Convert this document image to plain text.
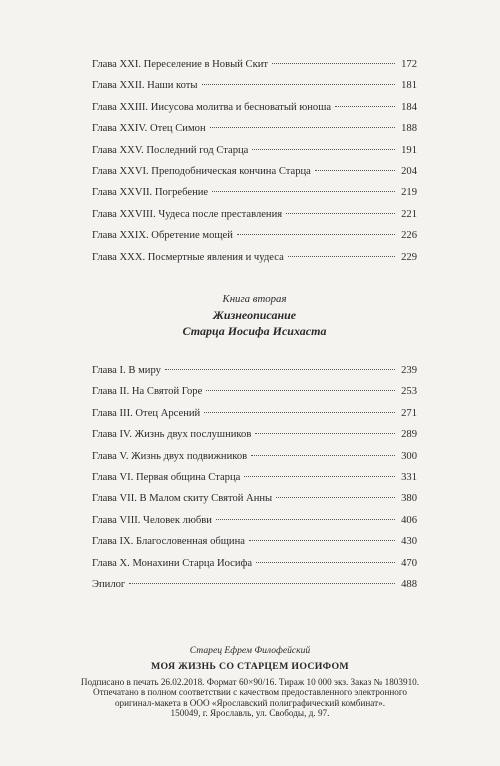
Глава XXI. Переселение в Новый Скит	172
Глава XXII. Наши коты	181
Глава XXIII. Иисусова молитва и бесноватый юноша	184
Глава XXIV. Отец Симон	188
Глава XXV. Последний год Старца	191
Глава XXVI. Преподобническая кончина Старца	204
Глава XXVII. Погребение	219
Глава XXVIII. Чудеса после преставления	221
Глава XXIX. Обретение мощей	226
Глава XXX. Посмертные явления и чудеса	229
Книга вторая
Жизнеописание
Старца Иосифа Исихаста
Глава I. В миру	239
Глава II. На Святой Горе	253
Глава III. Отец Арсений	271
Глава IV. Жизнь двух послушников	289
Глава V. Жизнь двух подвижников	300
Глава VI. Первая община Старца	331
Глава VII. В Малом скиту Святой Анны	380
Глава VIII. Человек любви	406
Глава IX. Благословенная община	430
Глава X. Монахини Старца Иосифа	470
Эпилог	488
Старец Ефрем Филофейский
МОЯ ЖИЗНЬ СО СТАРЦЕМ ИОСИФОМ
Подписано в печать 26.02.2018. Формат 60×90/16. Тираж 10 000 экз. Заказ № 1803910.
Отпечатано в полном соответствии с качеством предоставленного электронного
оригинал-макета в ООО «Ярославский полиграфический комбинат».
150049, г. Ярославль, ул. Свободы, д. 97.
